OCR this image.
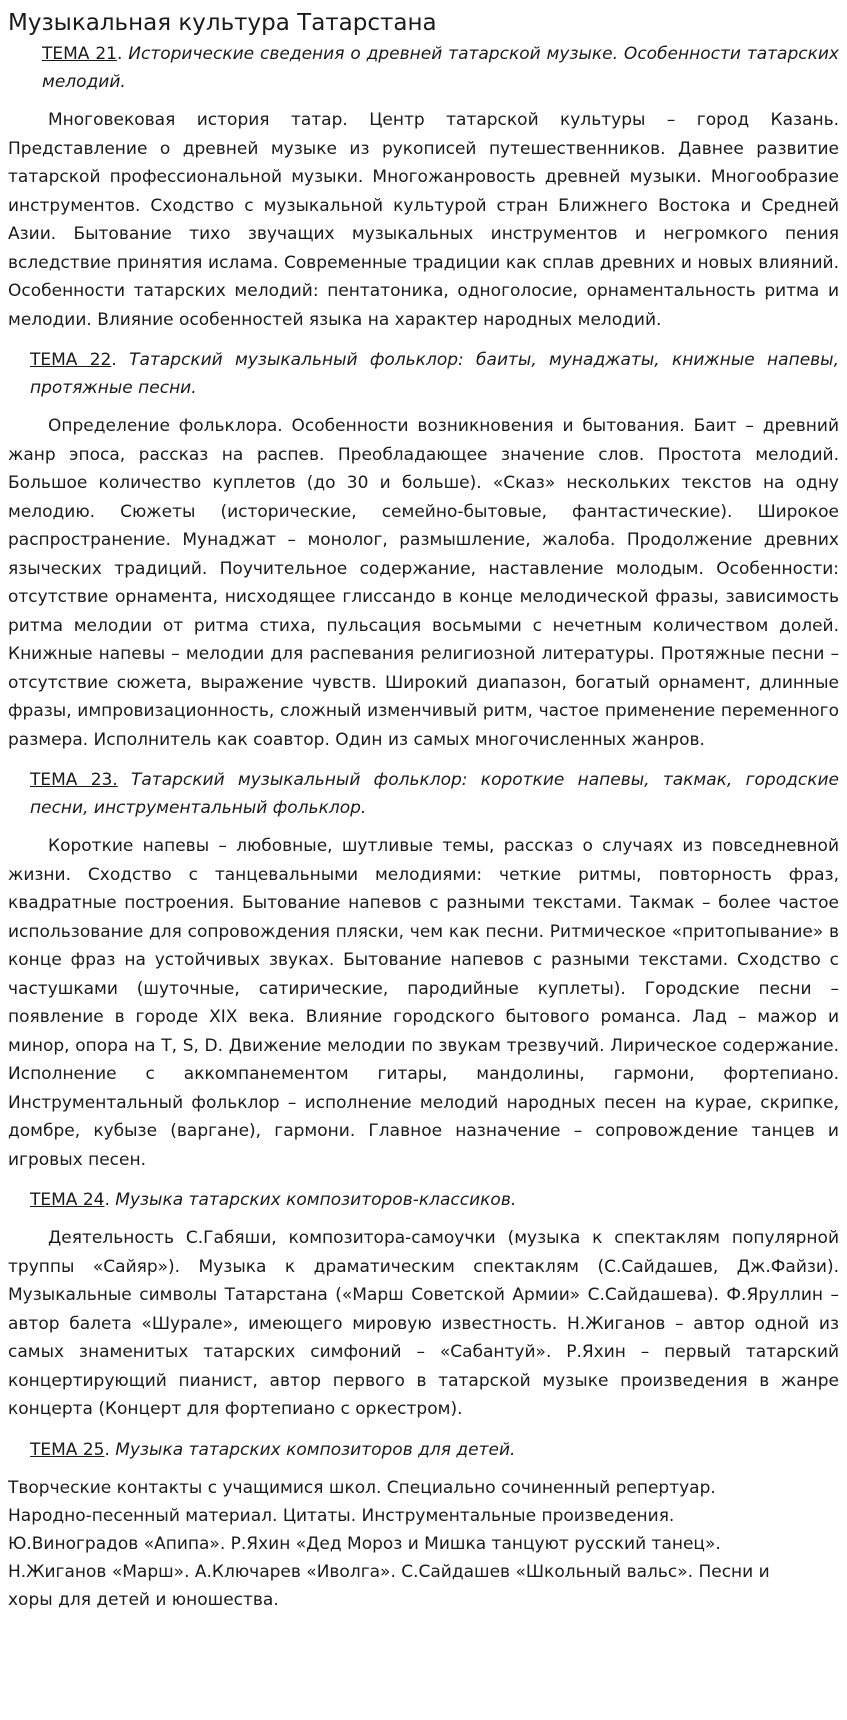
Музыкальная культура Татарстана

ТЕМА 21. Исторические сведения о древней татарской музыке. Особенности татарских мелодий.

Многовековая история татар. Центр татарской культуры – город Казань. Представление о древней музыке из рукописей путешественников. Давнее развитие татарской профессиональной музыки. Многожанровость древней музыки. Многообразие инструментов. Сходство с музыкальной культурой стран Ближнего Востока и Средней Азии. Бытование тихо звучащих музыкальных инструментов и негромкого пения вследствие принятия ислама. Современные традиции как сплав древних и новых влияний. Особенности татарских мелодий: пентатоника, одноголосие, орнаментальность ритма и мелодии. Влияние особенностей языка на характер народных мелодий.

ТЕМА 22. Татарский музыкальный фольклор: баиты, мунаджаты, книжные напевы, протяжные песни.

Определение фольклора. Особенности возникновения и бытования. Баит – древний жанр эпоса, рассказ на распев. Преобладающее значение слов. Простота мелодий. Большое количество куплетов (до 30 и больше). «Сказ» нескольких текстов на одну мелодию. Сюжеты (исторические, семейно-бытовые, фантастические). Широкое распространение. Мунаджат – монолог, размышление, жалоба. Продолжение древних языческих традиций. Поучительное содержание, наставление молодым. Особенности: отсутствие орнамента, нисходящее глиссандо в конце мелодической фразы, зависимость ритма мелодии от ритма стиха, пульсация восьмыми с нечетным количеством долей. Книжные напевы – мелодии для распевания религиозной литературы. Протяжные песни – отсутствие сюжета, выражение чувств. Широкий диапазон, богатый орнамент, длинные фразы, импровизационность, сложный изменчивый ритм, частое применение переменного размера. Исполнитель как соавтор. Один из самых многочисленных жанров.

ТЕМА 23. Татарский музыкальный фольклор: короткие напевы, такмак, городские песни, инструментальный фольклор.

Короткие напевы – любовные, шутливые темы, рассказ о случаях из повседневной жизни. Сходство с танцевальными мелодиями: четкие ритмы, повторность фраз, квадратные построения. Бытование напевов с разными текстами. Такмак – более частое использование для сопровождения пляски, чем как песни. Ритмическое «притопывание» в конце фраз на устойчивых звуках. Бытование напевов с разными текстами. Сходство с частушками (шуточные, сатирические, пародийные куплеты). Городские песни – появление в городе XIX века. Влияние городского бытового романса. Лад – мажор и минор, опора на T, S, D. Движение мелодии по звукам трезвучий. Лирическое содержание. Исполнение с аккомпанементом гитары, мандолины, гармони, фортепиано. Инструментальный фольклор – исполнение мелодий народных песен на курае, скрипке, домбре, кубызе (варгане), гармони. Главное назначение – сопровождение танцев и игровых песен.

ТЕМА 24. Музыка татарских композиторов-классиков.

Деятельность С.Габяши, композитора-самоучки (музыка к спектаклям популярной труппы «Сайяр»). Музыка к драматическим спектаклям (С.Сайдашев, Дж.Файзи). Музыкальные символы Татарстана («Марш Советской Армии» С.Сайдашева). Ф.Яруллин – автор балета «Шурале», имеющего мировую известность. Н.Жиганов – автор одной из самых знаменитых татарских симфоний – «Сабантуй». Р.Яхин – первый татарский концертирующий пианист, автор первого в татарской музыке произведения в жанре концерта (Концерт для фортепиано с оркестром).

ТЕМА 25. Музыка татарских композиторов для детей.

Творческие контакты с учащимися школ. Специально сочиненный репертуар.
Народно-песенный материал. Цитаты. Инструментальные произведения.
Ю.Виноградов «Апипа». Р.Яхин «Дед Мороз и Мишка танцуют русский танец».
Н.Жиганов «Марш». А.Ключарев «Иволга». С.Сайдашев «Школьный вальс». Песни и
хоры для детей и юношества.
